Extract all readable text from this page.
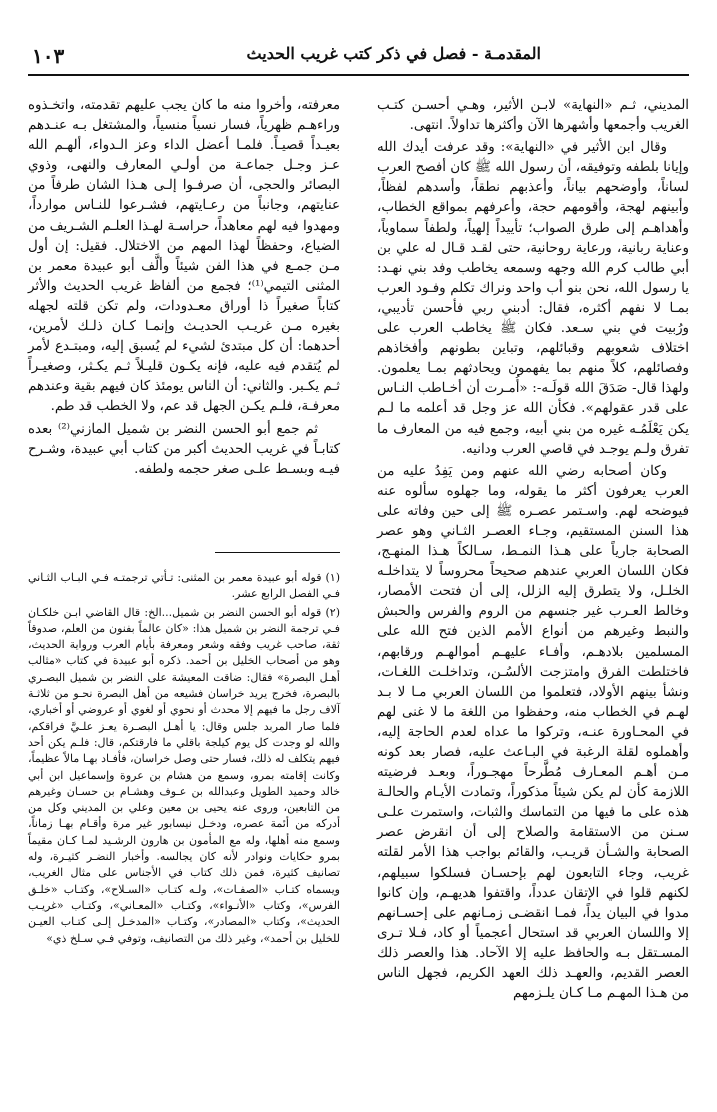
١٠٣	المقدمـة - فصل في ذكر كتب غريب الحديث

المديني، ثـم «النهاية» لابـن الأثير، وهـي أحسـن كتـب الغريب وأجمعها وأشهرها الآن وأكثرها تداولاً. انتهى.

وقال ابن الأثير في «النهاية»: وقد عرفت أيدك الله وإيانا بلطفه وتوفيقه، أن رسول الله ﷺ كان أفصح العرب لساناً، وأوضحهم بياناً، وأعذبهم نطقاً، وأسدهم لفظاً، وأبينهم لهجة، وأقومهم حجة، وأعرفهم بمواقع الخطاب، وأهداهـم إلى طرق الصواب؛ تأييداً إلهياً، ولطفاً سماوياً، وعناية ربانية، ورعاية روحانية، حتى لقـد قـال له علي بن أبي طالب كرم الله وجهه وسمعه يخاطب وفد بني نهـد: يا رسول الله، نحن بنو أب واحد ونراك تكلم وفـود العرب بمـا لا نفهم أكثره، فقال: أدبني ربي فأحسن تأديبي، ورُبيت في بني سـعد. فكان ﷺ يخاطب العرب على اختلاف شعوبهم وقبائلهم، وتباين بطونهم وأفخاذهم وفصائلهم، كلاً منهم بما يفهمون ويحادثهم بمـا يعلمون. ولهذا قال- صَدَقَ الله قولَـه-: «أُمـرت أن أخـاطب النـاس على قدر عقولهم». فكأن الله عز وجل قد أعلمه ما لـم يكن يَعْلَمُـه غيره من بني أبيه، وجمع فيه من المعارف ما تفرق ولـم يوجـد في قاصي العرب ودانيه.

وكان أصحابه رضي الله عنهم ومن يَفِدُ عليه من العرب يعرفون أكثر ما يقوله، وما جهلوه سألوه عنه فيوضحه لهم. واسـتمر عصـره ﷺ إلى حين وفاته على هذا السنن المستقيم، وجـاء العصـر الثـاني وهو عصر الصحابة جارياً على هـذا النمـط، سـالكاً هـذا المنهـج، فكان اللسان العربي عندهم صحيحاً محروساً لا يتداخلـه الخلـل، ولا يتطرق إليه الزلل، إلى أن فتحت الأمصار، وخالط العـرب غير جنسهم من الروم والفرس والحبش والنبط وغيرهم من أنواع الأمم الذين فتح الله على المسلمين بلادهـم، وأفـاء عليهـم أموالهـم ورقابهم، فاختلطت الفرق وامتزجت الألسُـن، وتداخلـت اللغـات، ونشأ بينهم الأولاد، فتعلموا من اللسان العربي مـا لا بـد لهـم في الخطاب منه، وحفظوا من اللغة ما لا غنى لهم في المحـاورة عنـه، وتركوا ما عداه لعدم الحاجة إليه، وأهملوه لقلة الرغبة في البـاعث عليه، فصار بعد كونه مـن أهـم المعـارف مُطَّرحاً مهجـوراً، وبعـد فرضيته اللازمة كأن لم يكن شيئاً مذكوراً، وتمادت الأيـام والحالـة هذه على ما فيها من التماسك والثبات، واستمرت علـى سـنن من الاستقامة والصلاح إلى أن انقرض عصر الصحابة والشـأن قريـب، والقائم بواجب هذا الأمر لقلته غريب، وجاء التابعون لهم بإحسـان فسلكوا سبيلهم، لكنهم قلوا في الإتقان عدداً، واقتفوا هديهـم، وإن كانوا مدوا في البيان يداً، فمـا انقضـى زمـانهم على إحسـانهم إلا واللسان العربي قد استحال أعجمياً أو كاد، فـلا تـرى المسـتقل بـه والحافظ عليه إلا الآحاد. هذا والعصر ذلك العصر القديم، والعهـد ذلك العهد الكريم، فجهل الناس من هـذا المهـم مـا كـان يلـزمهم

معرفته، وأخروا منه ما كان يجب عليهم تقدمته، واتخـذوه وراءهـم ظهرياً، فسار نسياً منسياً، والمشتغل بـه عنـدهم بعيـداً قصيـاً. فلمـا أعضل الداء وعز الـدواء، ألهـم الله عـز وجـل جماعـة من أولـي المعارف والنهى، وذوي البصائر والحجى، أن صرفـوا إلـى هـذا الشان طرفاً من عنايتهم، وجانباً من رعـايتهم، فشـرعوا للنـاس موارداً، ومهدوا فيه لهم معاهداً، حراسـة لهـذا العلـم الشـريف من الضياع، وحفظاً لهذا المهم من الاختلال. فقيل: إن أول مـن جمـع في هذا الفن شيئاً وألَّف أبو عبيدة معمر بن المثنى التيمي⁽¹⁾؛ فجمع من ألفاظ غريب الحديث والأثر كتاباً صغيراً ذا أوراق معـدودات، ولم تكن قلته لجهله بغيره مـن غريـب الحديـث وإنمـا كـان ذلـك لأمرين، أحدهما: أن كل مبتدئ لشيء لم يُسبق إليه، ومبتـدع لأمر لم يُتقدم فيه عليه، فإنه يكـون قليـلاً ثـم يكـثر، وصغيـراً ثـم يكـبر. والثاني: أن الناس يومئذ كان فيهم بقية وعندهم معرفـة، فلـم يكـن الجهل قد عم، ولا الخطب قد طم.

ثم جمع أبو الحسن النضر بن شميل المازني⁽²⁾ بعده كتابـاً في غريب الحديث أكبر من كتاب أبي عبيدة، وشـرح فيـه وبسـط علـى صغر حجمه ولطفه.

(١) قوله أبو عبيدة معمر بن المثنى: تـأتي ترجمتـه فـي البـاب الثـاني فـي الفصل الرابع عشر.

(٢) قوله أبو الحسن النضر بن شميل...الخ: قال القاضي ابـن خلكـان فـي ترجمة النضر بن شميل هذا: «كان عالماً بفنون من العلم، صدوقاً ثقة، صاحب غريب وفقه وشعر ومعرفة بأيام العرب ورواية الحديث، وهو من أصحاب الخليل بن أحمد. ذكره أبو عبيدة في كتاب «مثالب أهـل البصرة» فقال: ضاقت المعيشة على النضر بن شميل البصـري بالبصرة، فخرج يريد خراسان فشيعه من أهل البصرة نحـو من ثلاثـة آلاف رجل ما فيهم إلا محدث أو نحوي أو لغوي أو عروضي أو أخباري، فلما صار المربد جلس وقال: يا أهـل البصـرة يعـز علـيَّ فراقكم، والله لو وجدت كل يوم كيلجة باقلي ما فارقتكم، قال: فلـم يكن أحد فيهم يتكلف له ذلك، فسار حتى وصل خراسان، فأفـاد بهـا مالاً عظيماً، وكانت إقامته بمرو، وسمع من هشام بن عروة وإسماعيل ابن أبي خالد وحميد الطويل وعبدالله بن عـوف وهشـام بن حسـان وغيرهم من التابعين، وروى عنه يحيى بن معين وعلي بن المديني وكل من أدركه من أئمة عصره، ودخـل نيسابور غير مرة وأقـام بهـا زماناً، وسمع منه أهلها، وله مع المأمون بن هارون الرشـيد لمـا كـان مقيماً بمرو حكايات ونوادر لأنه كان يجالسه. وأخبار النضـر كثيـرة، وله تصانيف كثيرة، فمن ذلك كتاب في الأجناس على مثال الغريب، ويسماه كتـاب «الصفـات»، ولـه كتـاب «السـلاح»، وكتـاب «خلـق الفرس»، وكتاب «الأنـواء»، وكتـاب «المعـاني»، وكتـاب «غريـب الحديث»، وكتاب «المصادر»، وكتـاب «المدخـل إلـى كتـاب العيـن للخليل بن أحمد»، وغير ذلك من التصانيف، وتوفي فـي سـلخ ذي»
